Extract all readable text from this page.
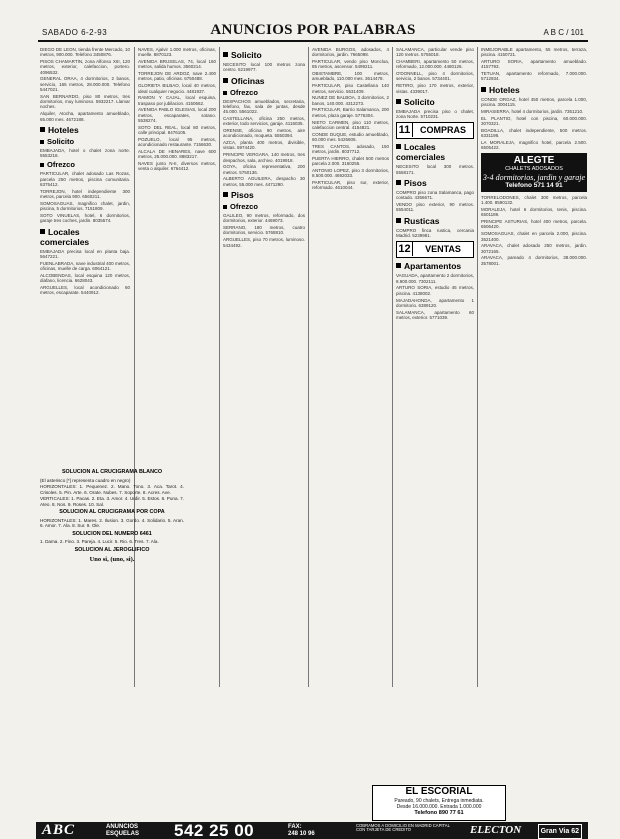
SABADO 6-2-93	ANUNCIOS POR PALABRAS	A B C / 101

DIEGO DE LEON, tienda frente Mercado, 10 metros, 900.000. Telefono 3450876.

PISOS CHAMARTIN, zona Alfonso XIII, 120 metros, exterior, calefaccion, portero. 4096532.

GENERAL ORAA, 4 dormitorios, 2 banos, servicio, 165 metros, 28.000.000. Telefono 5447021.

SAN BERNARDO, piso 80 metros, tres dormitorios, muy luminoso. 5932217. Llamar noches.

Alquiler, Atocha, apartamento amueblado, 65.000 mes. 4672188.

Hoteles
Solicito

EMBAJADA, hotel o chalet zona norte. 5553218.

Ofrezco

PARTICULAR, chalet adosado Las Rozas, parcela 250 metros, piscina comunitaria. 6375412.

TORREJON, hotel independiente 300 metros, parcela 900. 6560211.

SOMOSAGUAS, magnifico chalet, jardin, piscina, 5 dormitorios. 7151809.

SOTO VINUELAS, hotel, 6 dormitorios, garaje tres coches, jardin. 8035574.

Locales comerciales

EMBAJADA precisa local en planta baja. 5647221.

FUENLABRADA, nave industrial 400 metros, oficinas, muelle de carga. 6064121.

ALCOBENDAS, local esquina 120 metros, diafano, licencia. 6628043.

ARGUELLES, local acondicionado 60 metros, escaparate. 5440912.

SOLUCION AL CRUCIGRAMA BLANCO
(El asterisco [*] representa cuadro en negro)
HORIZONTALES: 1. Pequenez. 2. Mano. Tono. 3. Aca. Tarot. 4. Crisoles. 5. Pin. Arte. 6. Orate. Nubes. 7. Soporte. 8. Acres. Ave.
VERTICALES: 1. Pacas. 2. Eta. 3. Amor. 4. Urdir. 5. Estos. 6. Puna. 7. Ateo. 8. Nos. 9. Roses. 10. Sal.
SOLUCION AL CRUCIGRAMA POR COPA
HORIZONTALES: 1. Mares. 2. Ilusion. 3. Gordo. 4. Solidario. 5. Aran. 6. Amor. 7. Ala. 8. Sur. 9. Ole.
SOLUCION DEL NUMERO 6461
1. Dama. 2. Fino. 3. Pareja. 4. Lucir. 5. Rio. 6. Tres. 7. Ala.
SOLUCION AL JEROGLIFICO
Uno si, (uno, si).

NAVES, Ajalvir 1.000 metros, oficinas, muelle. 8870123.

AVENIDA BRUSELAS, 74, local 160 metros, salida humos. 3560214.

TORREJON DE ARDOZ, nave 2.400 metros, patio, oficinas. 6750488.

GLORIETA BILBAO, local 40 metros, ideal cualquier negocio. 4481937.

RAMON Y CAJAL, local esquina, traspaso por jubilacion. 4150662.

AVENIDA PABLO IGLESIAS, local 200 metros, escaparates, sotano. 5538274.

SOTO DEL REAL, local 80 metros, calle principal. 8476105.

POZUELO, local 95 metros, acondicionado restaurante. 7156630.

ALCALA DE HENARES, nave 600 metros, 25.000.000. 8883217.

NAVES junto N-II, diversos metros, venta o alquiler. 6764412.

Solicito

NECESITO local 100 metros zona centro. 5219977.

Oficinas
Ofrezco

DESPACHOS amueblados, secretaria, telefono, fax, sala de juntas, desde 45.000. 5561022.

CASTELLANA, oficina 250 metros, exterior, todo servicios, garaje. 4116035.

ORENSE, oficina 90 metros, aire acondicionado, moqueta. 5550394.

AZCA, planta 400 metros, divisible, vistas. 5974420.

PRINCIPE VERGARA, 140 metros, tres despachos, sala, archivo. 4019918.

GOYA, oficina representativa, 200 metros. 5750136.

ALBERTO AGUILERA, despacho 30 metros, 55.000 mes. 4471290.

Pisos
Ofrezco

GALILEO, 90 metros, reformado, dos dormitorios, exterior. 4469073.

SERRANO, 180 metros, cuatro dormitorios, servicio. 5768810.

ARGUELLES, piso 70 metros, luminoso. 5434492.

AVENIDA BURGOS, adosados, 4 dormitorios, jardin. 7665098.

PARTICULAR, vendo piso Moncloa, 85 metros, ascensor. 5499211.

OBISTAMBRE, 100 metros, amueblado, 110.000 mes. 3614478.

PARTICULAR, piso Castellana 140 metros, servicio. 5631409.

NUNEZ DE BALBOA, 3 dormitorios, 2 banos, 140.000. 4312273.

PARTICULAR, Barrio Salamanca, 200 metros, plaza garaje. 5776304.

NIETO CARMEN, piso 110 metros, calefaccion central. 4154821.

CONDE DUQUE, estudio amueblado, 60.000 mes. 5426605.

TRES CANTOS, adosado, 150 metros, jardin. 8037712.

PUERTA HIERRO, chalet 500 metros parcela 2.000. 3160255.

ANTONIO LOPEZ, piso 3 dormitorios, 8.500.000. 4692033.

PARTICULAR, piso sur, exterior, reformado. 4610044.

SALAMANCA, particular vende piso 120 metros. 5755018.

CHAMBERI, apartamento 50 metros, reformado, 12.000.000. 4480126.

O'DONNELL, piso 4 dormitorios, servicio, 2 banos. 5734401.

RETIRO, piso 170 metros, exterior, vistas. 4339017.

Solicito

EMBAJADA precisa piso o chalet, zona Norte. 5710231.

11	COMPRAS
Locales comerciales

NECESITO local 300 metros. 5558171.

Pisos

COMPRO piso zona Salamanca, pago contado. 4356671.

VENDO piso exterior, 90 metros. 5554011.

Rusticas

COMPRO finca rustica, cercania Madrid. 5239981.

12	VENTAS
Apartamentos

VAGUADA, apartamento 2 dormitorios, 8.900.000. 7302111.

ARTURO SORIA, estudio 45 metros, piscina. 4138002.

MAJADAHONDA, apartamento 1 dormitorio. 6389120.

SALAMANCA, apartamento 60 metros, exterior. 5771039.

INMEJORABLE apartamento, 55 metros, terraza, piscina. 4150721.

ARTURO SORIA, apartamento amueblado. 4157793.

TETUAN, apartamento reformado, 7.000.000. 5712934.

Hoteles

CONDE ORGAZ, hotel 450 metros, parcela 1.000, piscina. 3004115.

MIRASIERRA, hotel 4 dormitorios, jardin. 7351210.

EL PLANTIO, hotel con piscina, 60.000.000. 3070321.

BOADILLA, chalet independiente, 500 metros. 6331198.

LA MORALEJA, magnifico hotel, parcela 2.500. 6505422.

ALEGTE
CHALETS ADOSADOS
3-4 dormitorios, jardin y garaje
Telefono 571 14 91

TORRELODONES, chalet 300 metros, parcela 1.400. 8590132.

MORALEJA, hotel 6 dormitorios, tenis, piscina. 6501189.

PRINCIPE ASTURIAS, hotel 400 metros, parcela. 6506420.

SOMOSAGUAS, chalet en parcela 2.000, piscina. 3521400.

ARAVACA, chalet adosado 250 metros, jardin. 3072165.

ARAVACA, pareado 4 dormitorios, 38.000.000. 3578001.

EL ESCORIAL
Pareado, 90 chalets, Entrega inmediata.
Desde 16.000.000. Entrada 1.000.000
Telefono 890 77 61
ABC	ANUNCIOS
ESQUELAS 542 25 00	FAX:
248 10 96
COBRAMOS A DOMICILIO EN MADRID CAPITAL CON TARJETA DE CREDITO	ELECTON	Gran Via 62
